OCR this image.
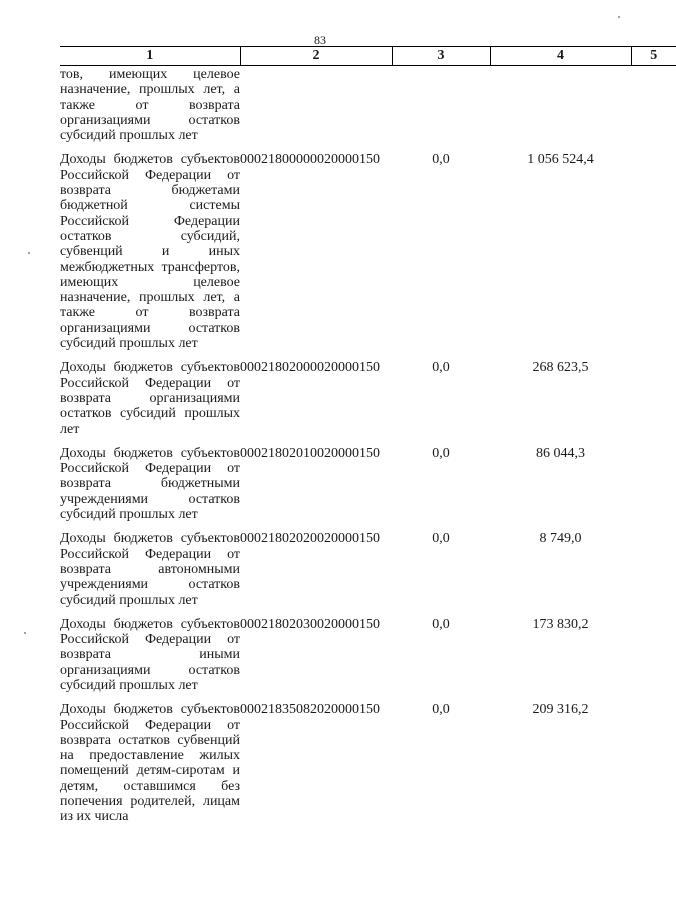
83
1	2	3	4	5
тов, имеющих целевое назначение, прошлых лет, а также от возврата организациями остатков субсидий прошлых лет				
Доходы бюджетов субъектов Российской Федерации от возврата бюджетами бюджетной системы Российской Федерации остатков субсидий, субвенций и иных межбюджетных трансфертов, имеющих целевое назначение, прошлых лет, а также от возврата организациями остатков субсидий прошлых лет	00021800000020000150	0,0	1 056 524,4	
Доходы бюджетов субъектов Российской Федерации от возврата организациями остатков субсидий прошлых лет	00021802000020000150	0,0	268 623,5	
Доходы бюджетов субъектов Российской Федерации от возврата бюджетными учреждениями остатков субсидий прошлых лет	00021802010020000150	0,0	86 044,3	
Доходы бюджетов субъектов Российской Федерации от возврата автономными учреждениями остатков субсидий прошлых лет	00021802020020000150	0,0	8 749,0	
Доходы бюджетов субъектов Российской Федерации от возврата иными организациями остатков субсидий прошлых лет	00021802030020000150	0,0	173 830,2	
Доходы бюджетов субъектов Российской Федерации от возврата остатков субвенций на предоставление жилых помещений детям-сиротам и детям, оставшимся без попечения родителей, лицам из их числа	00021835082020000150	0,0	209 316,2	
